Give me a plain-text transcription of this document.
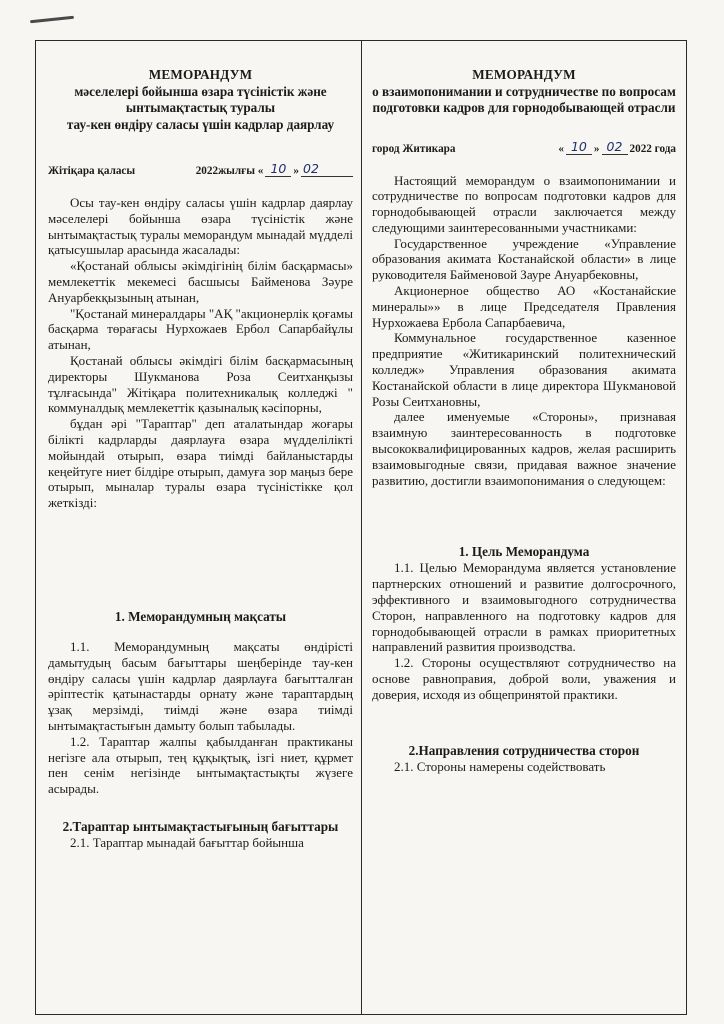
МЕМОРАНДУМ
мәселелері бойынша өзара түсіністік және ынтымақтастық туралы
тау-кен өндіру саласы үшін кадрлар даярлау
Жітіқара қаласы	2022жылғы « 10 » 02

Осы тау-кен өндіру саласы үшін кадрлар даярлау мәселелері бойынша өзара түсіністік және ынтымақтастық туралы меморандум мынадай мүдделі қатысушылар арасында жасалады:

«Қостанай облысы әкімдігінің білім басқармасы» мемлекеттік мекемесі басшысы Байменова Зәуре Ануарбекқызының атынан,

"Қостанай минералдары "АҚ "акционерлік қоғамы басқарма төрағасы Нурхожаев Ербол Сапарбайұлы атынан,

Қостанай облысы әкімдігі білім басқармасының директоры Шукманова Роза Сеитханқызы тұлғасында" Жітіқара политехникалық колледжі " коммуналдық мемлекеттік қазыналық кәсіпорны,

бұдан әрі "Тараптар" деп аталатындар жоғары білікті кадрларды даярлауға өзара мүдделілікті мойындай отырып, өзара тиімді байланыстарды кеңейтуге ниет білдіре отырып, дамуға зор маңыз бере отырып, мыналар туралы өзара түсіністікке қол жеткізді:

1. Меморандумның мақсаты

1.1. Меморандумның мақсаты өндірісті дамытудың басым бағыттары шеңберінде тау-кен өндіру саласы үшін кадрлар даярлауға бағытталған әріптестік қатынастарды орнату және тараптардың ұзақ мерзімді, тиімді және өзара тиімді ынтымақтастығын дамыту болып табылады.

1.2. Тараптар жалпы қабылданған практиканы негізге ала отырып, тең құқықтық, ізгі ниет, құрмет пен сенім негізінде ынтымақтастықты жүзеге асырады.

2.Тараптар ынтымақтастығының бағыттары

2.1. Тараптар мынадай бағыттар бойынша

МЕМОРАНДУМ
о взаимопонимании и сотрудничестве по вопросам
подготовки кадров для горнодобывающей отрасли
город Житикара	« 10 » 02 2022 года

Настоящий меморандум о взаимопонимании и сотрудничестве по вопросам подготовки кадров для горнодобывающей отрасли заключается между следующими заинтересованными участниками:

Государственное учреждение «Управление образования акимата Костанайской области» в лице руководителя Байменовой Зауре Ануарбековны,

Акционерное общество АО «Костанайские минералы»» в лице Председателя Правления Нурхожаева Ербола Сапарбаевича,

Коммунальное государственное казенное предприятие «Житикаринский политехнический колледж» Управления образования акимата Костанайской области в лице директора Шукмановой Розы Сеитхановны,

далее именуемые «Стороны», признавая взаимную заинтересованность в подготовке высококвалифицированных кадров, желая расширить взаимовыгодные связи, придавая важное значение развитию, достигли взаимопонимания о следующем:

1. Цель Меморандума

1.1. Целью Меморандума является установление партнерских отношений и развитие долгосрочного, эффективного и взаимовыгодного сотрудничества Сторон, направленного на подготовку кадров для горнодобывающей отрасли в рамках приоритетных направлений развития производства.

1.2. Стороны осуществляют сотрудничество на основе равноправия, доброй воли, уважения и доверия, исходя из общепринятой практики.

2.Направления сотрудничества сторон

2.1. Стороны намерены содействовать
